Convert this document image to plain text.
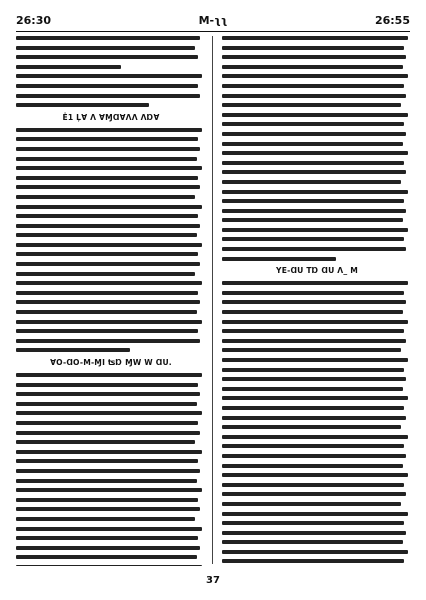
26:30	M-ʅʅ	26:55
Ė1 ĻⱯ Ʌ ⱯⱮⱭⱯɅɅ ɅⱰⱯ
ⱯO-ⱭO-M-ⱮI ʦⱰ ⱮW W ⱭU.
YE-ⱭU TⱰ ⱭU Ʌ_ M
37
